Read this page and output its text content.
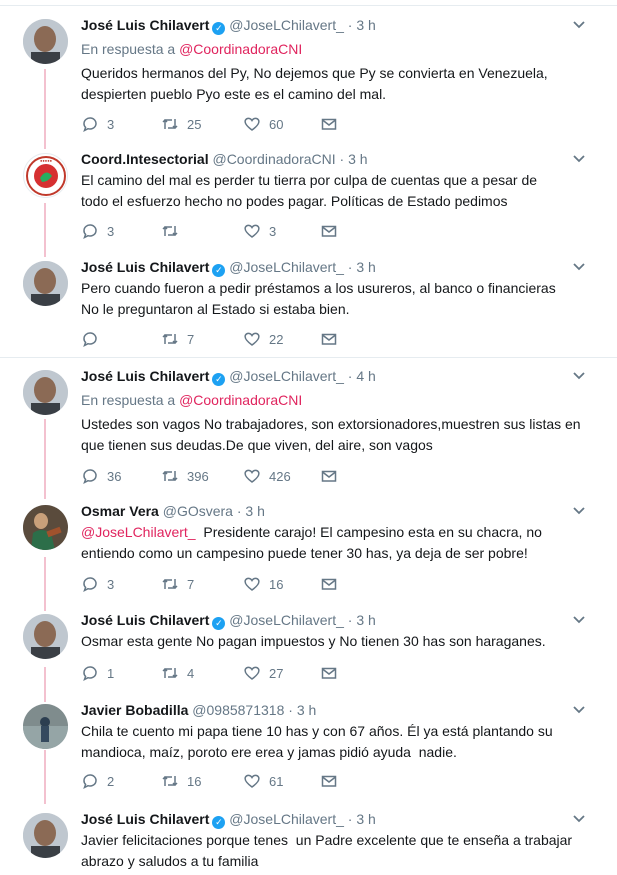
José Luis Chilavert ✓ @JoseLChilavert_ · 3 h
En respuesta a @CoordinadoraCNI
Queridos hermanos del Py, No dejemos que Py se convierta en Venezuela,
despierten pueblo Pyo este es el camino del mal.
3	25	60
●●●●● Coord.Intesectorial @CoordinadoraCNI · 3 h
El camino del mal es perder tu tierra por culpa de cuentas que a pesar de
todo el esfuerzo hecho no podes pagar. Políticas de Estado pedimos
3	3
José Luis Chilavert ✓ @JoseLChilavert_ · 3 h
Pero cuando fueron a pedir préstamos a los usureros, al banco o financieras
No le preguntaron al Estado si estaba bien.
7	22
José Luis Chilavert ✓ @JoseLChilavert_ · 4 h
En respuesta a @CoordinadoraCNI
Ustedes son vagos No trabajadores, son extorsionadores,muestren sus listas en
que tienen sus deudas.De que viven, del aire, son vagos
36	396	426
Osmar Vera @GOsvera · 3 h
@JoseLChilavert_  Presidente carajo! El campesino esta en su chacra, no
entiendo como un campesino puede tener 30 has, ya deja de ser pobre!
3	7	16
José Luis Chilavert ✓ @JoseLChilavert_ · 3 h
Osmar esta gente No pagan impuestos y No tienen 30 has son haraganes.
1	4	27
Javier Bobadilla @0985871318 · 3 h
Chila te cuento mi papa tiene 10 has y con 67 años. Él ya está plantando su
mandioca, maíz, poroto ere erea y jamas pidió ayuda  nadie.
2	16	61
José Luis Chilavert ✓ @JoseLChilavert_ · 3 h
Javier felicitaciones porque tenes  un Padre excelente que te enseña a trabajar
abrazo y saludos a tu familia
